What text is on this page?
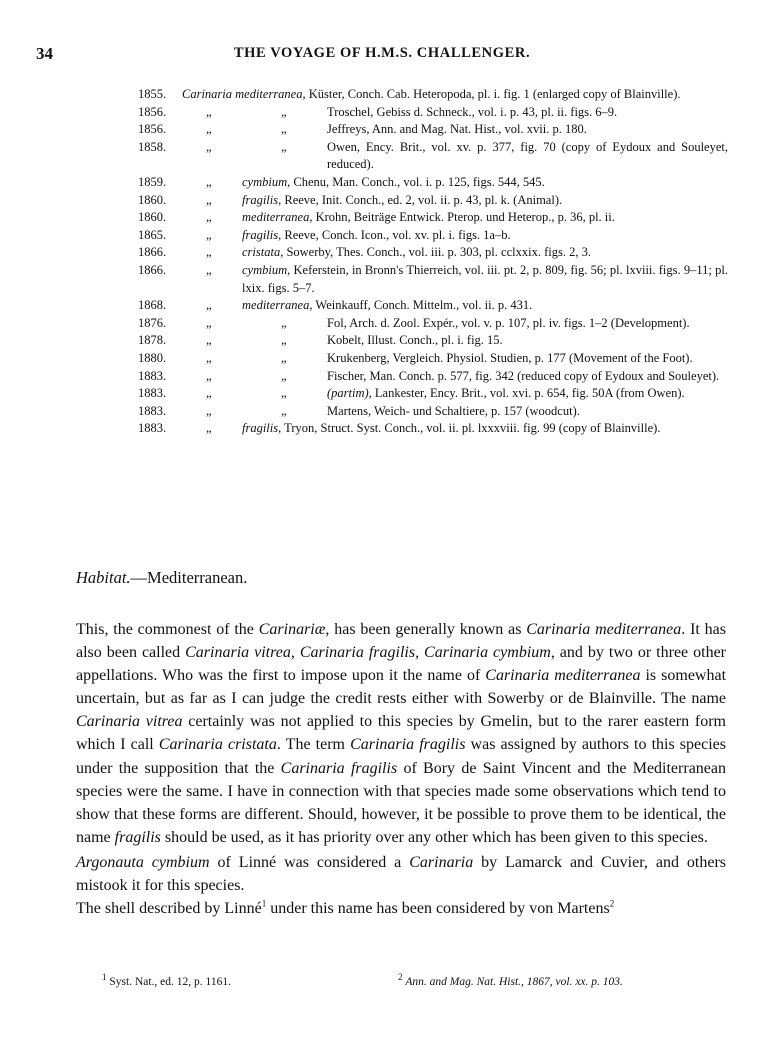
34	THE VOYAGE OF H.M.S. CHALLENGER.
1855. Carinaria mediterranea, Küster, Conch. Cab. Heteropoda, pl. i. fig. 1 (enlarged copy of Blainville).
1856.	„	„	Troschel, Gebiss d. Schneck., vol. i. p. 43, pl. ii. figs. 6–9.
1856.	„	„	Jeffreys, Ann. and Mag. Nat. Hist., vol. xvii. p. 180.
1858.	„	„	Owen, Ency. Brit., vol. xv. p. 377, fig. 70 (copy of Eydoux and Souleyet, reduced).
1859.	„ cymbium, Chenu, Man. Conch., vol. i. p. 125, figs. 544, 545.
1860.	„ fragilis, Reeve, Init. Conch., ed. 2, vol. ii. p. 43, pl. k. (Animal).
1860.	„ mediterranea, Krohn, Beiträge Entwick. Pterop. und Heterop., p. 36, pl. ii.
1865.	„ fragilis, Reeve, Conch. Icon., vol. xv. pl. i. figs. 1a–b.
1866.	„ cristata, Sowerby, Thes. Conch., vol. iii. p. 303, pl. cclxxix. figs. 2, 3.
1866.	„ cymbium, Keferstein, in Bronn's Thierreich, vol. iii. pt. 2, p. 809, fig. 56; pl. lxviii. figs. 9–11; pl. lxix. figs. 5–7.
1868.	„ mediterranea, Weinkauff, Conch. Mittelm., vol. ii. p. 431.
1876.	„	„	Fol, Arch. d. Zool. Expér., vol. v. p. 107, pl. iv. figs. 1–2 (Development).
1878.	„	„	Kobelt, Illust. Conch., pl. i. fig. 15.
1880.	„	„	Krukenberg, Vergleich. Physiol. Studien, p. 177 (Movement of the Foot).
1883.	„	„	Fischer, Man. Conch. p. 577, fig. 342 (reduced copy of Eydoux and Souleyet).
1883.	„	„	(partim), Lankester, Ency. Brit., vol. xvi. p. 654, fig. 50A (from Owen).
1883.	„	„	Martens, Weich- und Schaltiere, p. 157 (woodcut).
1883.	„ fragilis, Tryon, Struct. Syst. Conch., vol. ii. pl. lxxxviii. fig. 99 (copy of Blainville).
Habitat.—Mediterranean.

This, the commonest of the Carinariæ, has been generally known as Carinaria mediterranea. It has also been called Carinaria vitrea, Carinaria fragilis, Carinaria cymbium, and by two or three other appellations. Who was the first to impose upon it the name of Carinaria mediterranea is somewhat uncertain, but as far as I can judge the credit rests either with Sowerby or de Blainville. The name Carinaria vitrea certainly was not applied to this species by Gmelin, but to the rarer eastern form which I call Carinaria cristata. The term Carinaria fragilis was assigned by authors to this species under the supposition that the Carinaria fragilis of Bory de Saint Vincent and the Mediterranean species were the same. I have in connection with that species made some observations which tend to show that these forms are different. Should, however, it be possible to prove them to be identical, the name fragilis should be used, as it has priority over any other which has been given to this species.

Argonauta cymbium of Linné was considered a Carinaria by Lamarck and Cuvier, and others mistook it for this species.

The shell described by Linné$^1$ under this name has been considered by von Martens$^2$

$^1$ Syst. Nat., ed. 12, p. 1161.	$^2$ Ann. and Mag. Nat. Hist., 1867, vol. xx. p. 103.
